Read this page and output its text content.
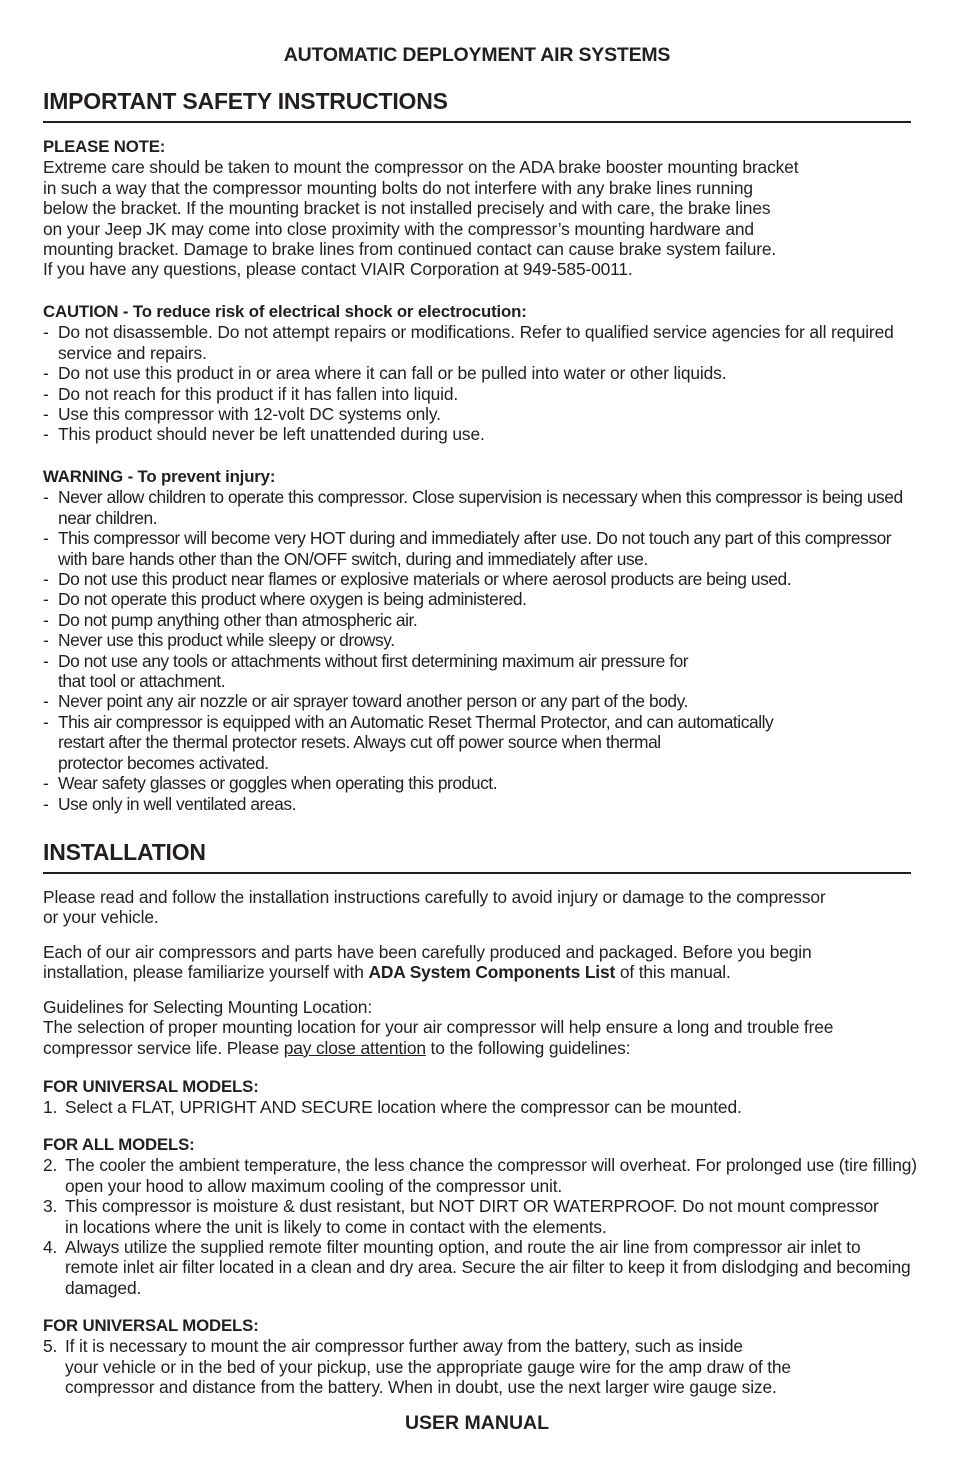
AUTOMATIC DEPLOYMENT AIR SYSTEMS
IMPORTANT SAFETY INSTRUCTIONS
PLEASE NOTE:
Extreme care should be taken to mount the compressor on the ADA brake booster mounting bracket
in such a way that the compressor mounting bolts do not interfere with any brake lines running
below the bracket. If the mounting bracket is not installed precisely and with care, the brake lines
on your Jeep JK may come into close proximity with the compressor’s mounting hardware and
mounting bracket. Damage to brake lines from continued contact can cause brake system failure.
If you have any questions, please contact VIAIR Corporation at 949-585-0011.
CAUTION - To reduce risk of electrical shock or electrocution:
- Do not disassemble. Do not attempt repairs or modifications. Refer to qualified service agencies for all required service and repairs.
- Do not use this product in or area where it can fall or be pulled into water or other liquids.
- Do not reach for this product if it has fallen into liquid.
- Use this compressor with 12-volt DC systems only.
- This product should never be left unattended during use.
WARNING - To prevent injury:
- Never allow children to operate this compressor. Close supervision is necessary when this compressor is being used near children.
- This compressor will become very HOT during and immediately after use. Do not touch any part of this compressor with bare hands other than the ON/OFF switch, during and immediately after use.
- Do not use this product near flames or explosive materials or where aerosol products are being used.
- Do not operate this product where oxygen is being administered.
- Do not pump anything other than atmospheric air.
- Never use this product while sleepy or drowsy.
- Do not use any tools or attachments without first determining maximum air pressure for
that tool or attachment.
- Never point any air nozzle or air sprayer toward another person or any part of the body.
- This air compressor is equipped with an Automatic Reset Thermal Protector, and can automatically
restart after the thermal protector resets. Always cut off power source when thermal
protector becomes activated.
- Wear safety glasses or goggles when operating this product.
- Use only in well ventilated areas.
INSTALLATION
Please read and follow the installation instructions carefully to avoid injury or damage to the compressor or your vehicle.
Each of our air compressors and parts have been carefully produced and packaged. Before you begin installation, please familiarize yourself with ADA System Components List of this manual.
Guidelines for Selecting Mounting Location:
The selection of proper mounting location for your air compressor will help ensure a long and trouble free compressor service life. Please pay close attention to the following guidelines:
FOR UNIVERSAL MODELS:
1. Select a FLAT, UPRIGHT AND SECURE location where the compressor can be mounted.
FOR ALL MODELS:
2. The cooler the ambient temperature, the less chance the compressor will overheat. For prolonged use (tire filling) open your hood to allow maximum cooling of the compressor unit.
3. This compressor is moisture & dust resistant, but NOT DIRT OR WATERPROOF. Do not mount compressor in locations where the unit is likely to come in contact with the elements.
4. Always utilize the supplied remote filter mounting option, and route the air line from compressor air inlet to remote inlet air filter located in a clean and dry area. Secure the air filter to keep it from dislodging and becoming damaged.
FOR UNIVERSAL MODELS:
5. If it is necessary to mount the air compressor further away from the battery, such as inside
your vehicle or in the bed of your pickup, use the appropriate gauge wire for the amp draw of the
compressor and distance from the battery. When in doubt, use the next larger wire gauge size.
USER MANUAL
